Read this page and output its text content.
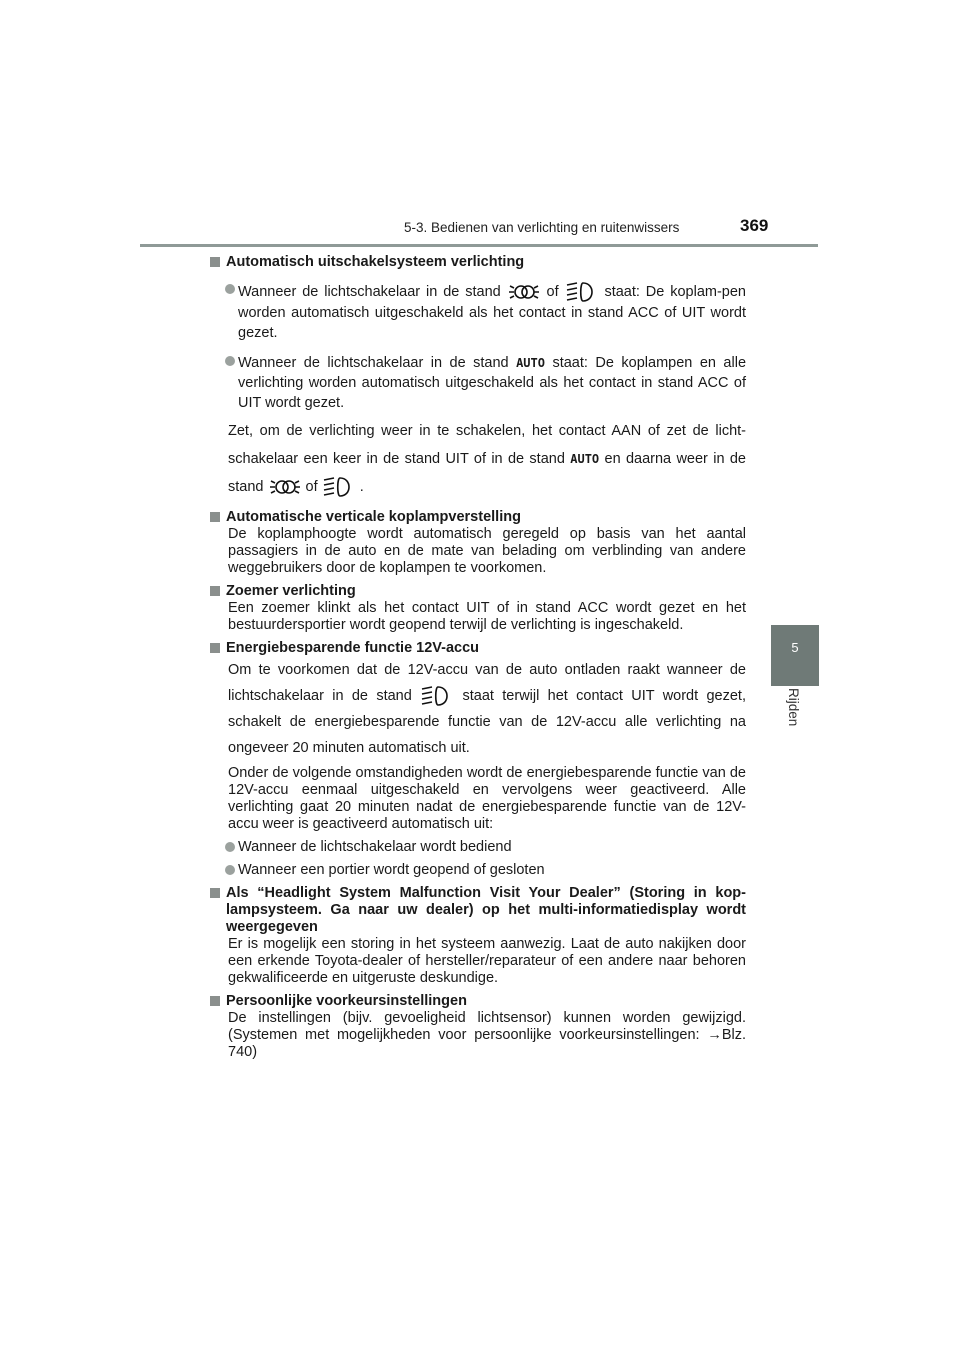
5-3. Bedienen van verlichting en ruitenwissers	369
5
Rijden

Automatisch uitschakelsysteem verlichting

Wanneer de lichtschakelaar in de stand	of	staat: De koplam-pen worden automatisch uitgeschakeld als het contact in stand ACC of UIT wordt gezet.

Wanneer de lichtschakelaar in de stand AUTO staat: De koplampen en alle verlichting worden automatisch uitgeschakeld als het contact in stand ACC of UIT wordt gezet.

Zet, om de verlichting weer in te schakelen, het contact AAN of zet de licht-schakelaar een keer in de stand UIT of in de stand AUTO en daarna weer in de stand	of	.

Automatische verticale koplampverstelling

De koplamphoogte wordt automatisch geregeld op basis van het aantal passagiers in de auto en de mate van belading om verblinding van andere weggebruikers door de koplampen te voorkomen.

Zoemer verlichting

Een zoemer klinkt als het contact UIT of in stand ACC wordt gezet en het bestuurdersportier wordt geopend terwijl de verlichting is ingeschakeld.

Energiebesparende functie 12V-accu

Om te voorkomen dat de 12V-accu van de auto ontladen raakt wanneer de lichtschakelaar in de stand	staat terwijl het contact UIT wordt gezet, schakelt de energiebesparende functie van de 12V-accu alle verlichting na ongeveer 20 minuten automatisch uit.

Onder de volgende omstandigheden wordt de energiebesparende functie van de 12V-accu eenmaal uitgeschakeld en vervolgens weer geactiveerd. Alle verlichting gaat 20 minuten nadat de energiebesparende functie van de 12V-accu weer is geactiveerd automatisch uit:

Wanneer de lichtschakelaar wordt bediend

Wanneer een portier wordt geopend of gesloten

Als “Headlight System Malfunction Visit Your Dealer” (Storing in kop-lampsysteem. Ga naar uw dealer) op het multi-informatiedisplay wordt weergegeven

Er is mogelijk een storing in het systeem aanwezig. Laat de auto nakijken door een erkende Toyota-dealer of hersteller/reparateur of een andere naar behoren gekwalificeerde en uitgeruste deskundige.

Persoonlijke voorkeursinstellingen

De instellingen (bijv. gevoeligheid lichtsensor) kunnen worden gewijzigd. (Systemen met mogelijkheden voor persoonlijke voorkeursinstellingen: →Blz. 740)
